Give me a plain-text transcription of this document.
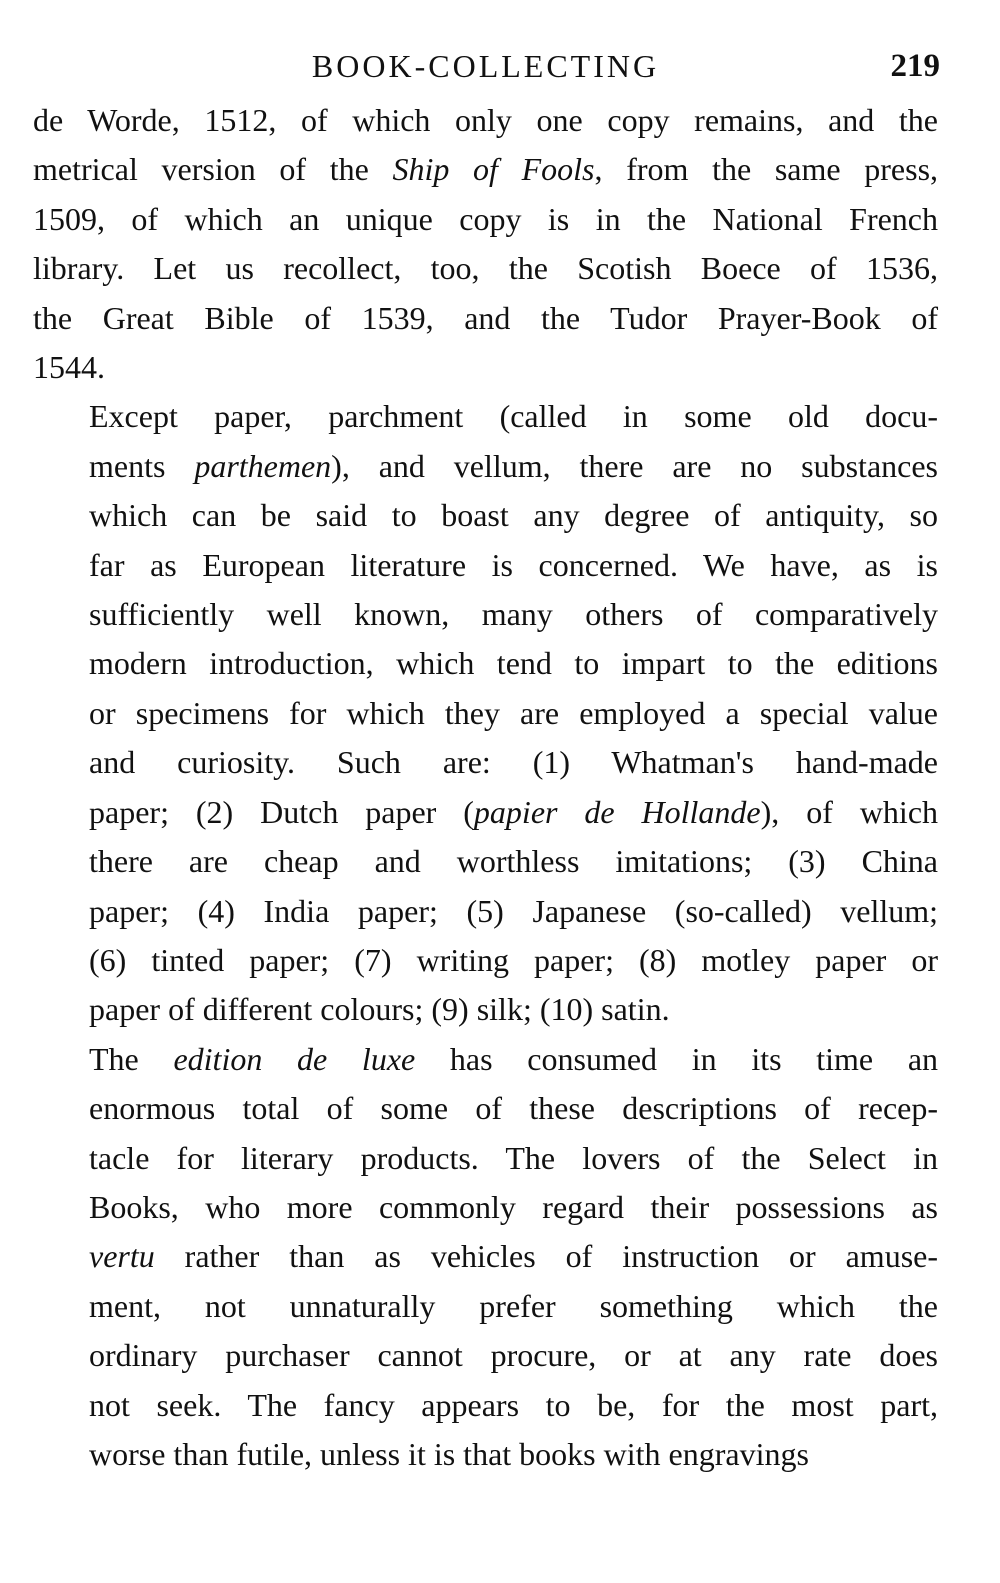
BOOK-COLLECTING	219

de Worde, 1512, of which only one copy remains, and the
metrical version of the Ship of Fools, from the same press,
1509, of which an unique copy is in the National French
library. Let us recollect, too, the Scotish Boece of 1536,
the Great Bible of 1539, and the Tudor Prayer-Book of
1544.

Except paper, parchment (called in some old docu-
ments parthemen), and vellum, there are no substances
which can be said to boast any degree of antiquity, so
far as European literature is concerned. We have, as is
sufficiently well known, many others of comparatively
modern introduction, which tend to impart to the editions
or specimens for which they are employed a special value
and curiosity. Such are: (1) Whatman's hand-made
paper; (2) Dutch paper (papier de Hollande), of which
there are cheap and worthless imitations; (3) China
paper; (4) India paper; (5) Japanese (so-called) vellum;
(6) tinted paper; (7) writing paper; (8) motley paper or
paper of different colours; (9) silk; (10) satin.

The edition de luxe has consumed in its time an
enormous total of some of these descriptions of recep-
tacle for literary products. The lovers of the Select in
Books, who more commonly regard their possessions as
vertu rather than as vehicles of instruction or amuse-
ment, not unnaturally prefer something which the
ordinary purchaser cannot procure, or at any rate does
not seek. The fancy appears to be, for the most part,
worse than futile, unless it is that books with engravings
